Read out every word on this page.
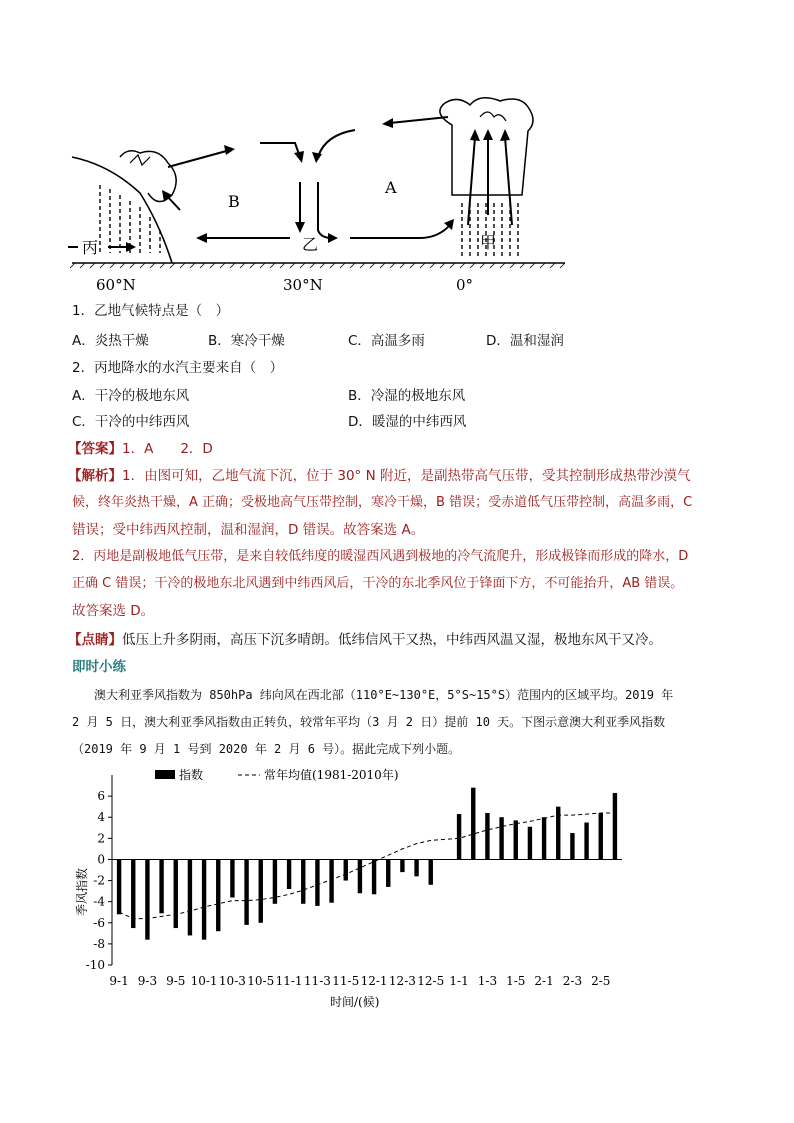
A
B
乙
丙	甲
60°N	30°N	0°
1．乙地气候特点是（　）
A．炎热干燥	B．寒冷干燥	C．高温多雨	D．温和湿润
2．丙地降水的水汽主要来自（　）
A．干冷的极地东风	B．冷湿的极地东风
C．干冷的中纬西风	D．暖湿的中纬西风
【答案】1．A　　2．D
【解析】1．由图可知，乙地气流下沉，位于 30° N 附近，是副热带高气压带，受其控制形成热带沙漠气
候，终年炎热干燥，A 正确；受极地高气压带控制，寒冷干燥，B 错误；受赤道低气压带控制，高温多雨，C
错误；受中纬西风控制，温和湿润，D 错误。故答案选 A。
2．丙地是副极地低气压带，是来自较低纬度的暖湿西风遇到极地的冷气流爬升，形成极锋而形成的降水，D
正确 C 错误；干冷的极地东北风遇到中纬西风后，干冷的东北季风位于锋面下方，不可能抬升，AB 错误。
故答案选 D。
【点睛】低压上升多阴雨，高压下沉多晴朗。低纬信风干又热，中纬西风温又湿，极地东风干又冷。
即时小练
澳大利亚季风指数为 850hPa 纬向风在西北部（110°E~130°E，5°S~15°S）范围内的区域平均。2019 年
2 月 5 日，澳大利亚季风指数由正转负，较常年平均（3 月 2 日）提前 10 天。下图示意澳大利亚季风指数
（2019 年 9 月 1 号到 2020 年 2 月 6 号）。据此完成下列小题。
指数	常年均值(1981-2010年)
季风指数
时间/(候)
6
4
2
0
-2
-4
-6
-8
-10
9-1 9-3 9-5 10-1 10-3 10-5 11-1 11-3 11-5 12-1 12-3 12-5 1-1 1-3 1-5 2-1 2-3 2-5
